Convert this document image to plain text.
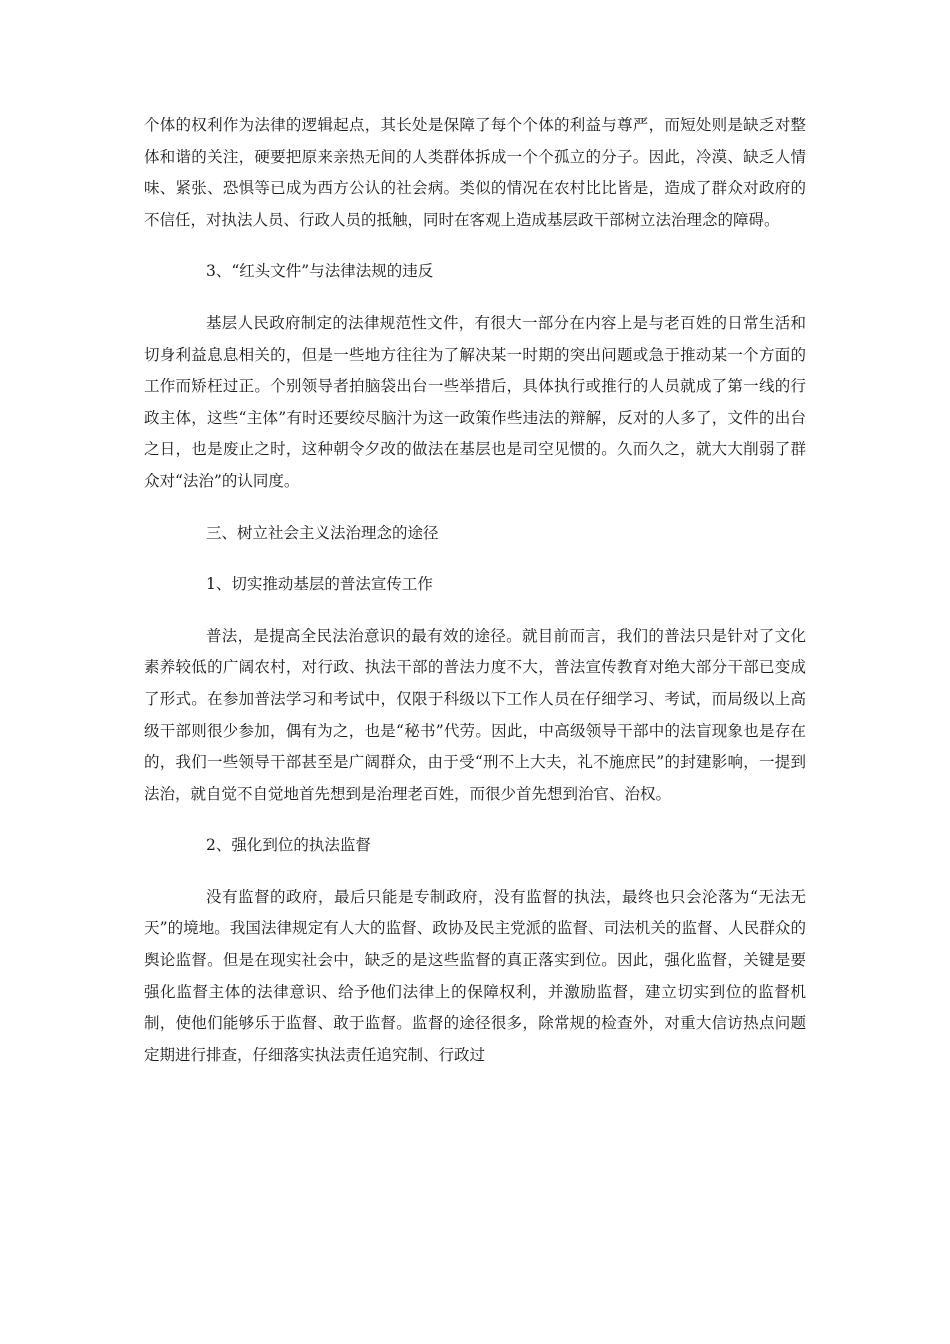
个体的权利作为法律的逻辑起点，其长处是保障了每个个体的利益与尊严，而短处则是缺乏对整体和谐的关注，硬要把原来亲热无间的人类群体拆成一个个孤立的分子。因此，冷漠、缺乏人情味、紧张、恐惧等已成为西方公认的社会病。类似的情况在农村比比皆是，造成了群众对政府的不信任，对执法人员、行政人员的抵触，同时在客观上造成基层政干部树立法治理念的障碍。

3、“红头文件”与法律法规的违反

基层人民政府制定的法律规范性文件，有很大一部分在内容上是与老百姓的日常生活和切身利益息息相关的，但是一些地方往往为了解决某一时期的突出问题或急于推动某一个方面的工作而矫枉过正。个别领导者拍脑袋出台一些举措后，具体执行或推行的人员就成了第一线的行政主体，这些“主体”有时还要绞尽脑汁为这一政策作些违法的辩解，反对的人多了，文件的出台之日，也是废止之时，这种朝令夕改的做法在基层也是司空见惯的。久而久之，就大大削弱了群众对“法治”的认同度。

三、树立社会主义法治理念的途径

1、切实推动基层的普法宣传工作

普法，是提高全民法治意识的最有效的途径。就目前而言，我们的普法只是针对了文化素养较低的广阔农村，对行政、执法干部的普法力度不大，普法宣传教育对绝大部分干部已变成了形式。在参加普法学习和考试中，仅限于科级以下工作人员在仔细学习、考试，而局级以上高级干部则很少参加，偶有为之，也是“秘书”代劳。因此，中高级领导干部中的法盲现象也是存在的，我们一些领导干部甚至是广阔群众，由于受“刑不上大夫，礼不施庶民”的封建影响，一提到法治，就自觉不自觉地首先想到是治理老百姓，而很少首先想到治官、治权。

2、强化到位的执法监督

没有监督的政府，最后只能是专制政府，没有监督的执法，最终也只会沦落为“无法无天”的境地。我国法律规定有人大的监督、政协及民主党派的监督、司法机关的监督、人民群众的舆论监督。但是在现实社会中，缺乏的是这些监督的真正落实到位。因此，强化监督，关键是要强化监督主体的法律意识、给予他们法律上的保障权利，并激励监督，建立切实到位的监督机制，使他们能够乐于监督、敢于监督。监督的途径很多，除常规的检查外，对重大信访热点问题定期进行排查，仔细落实执法责任追究制、行政过
